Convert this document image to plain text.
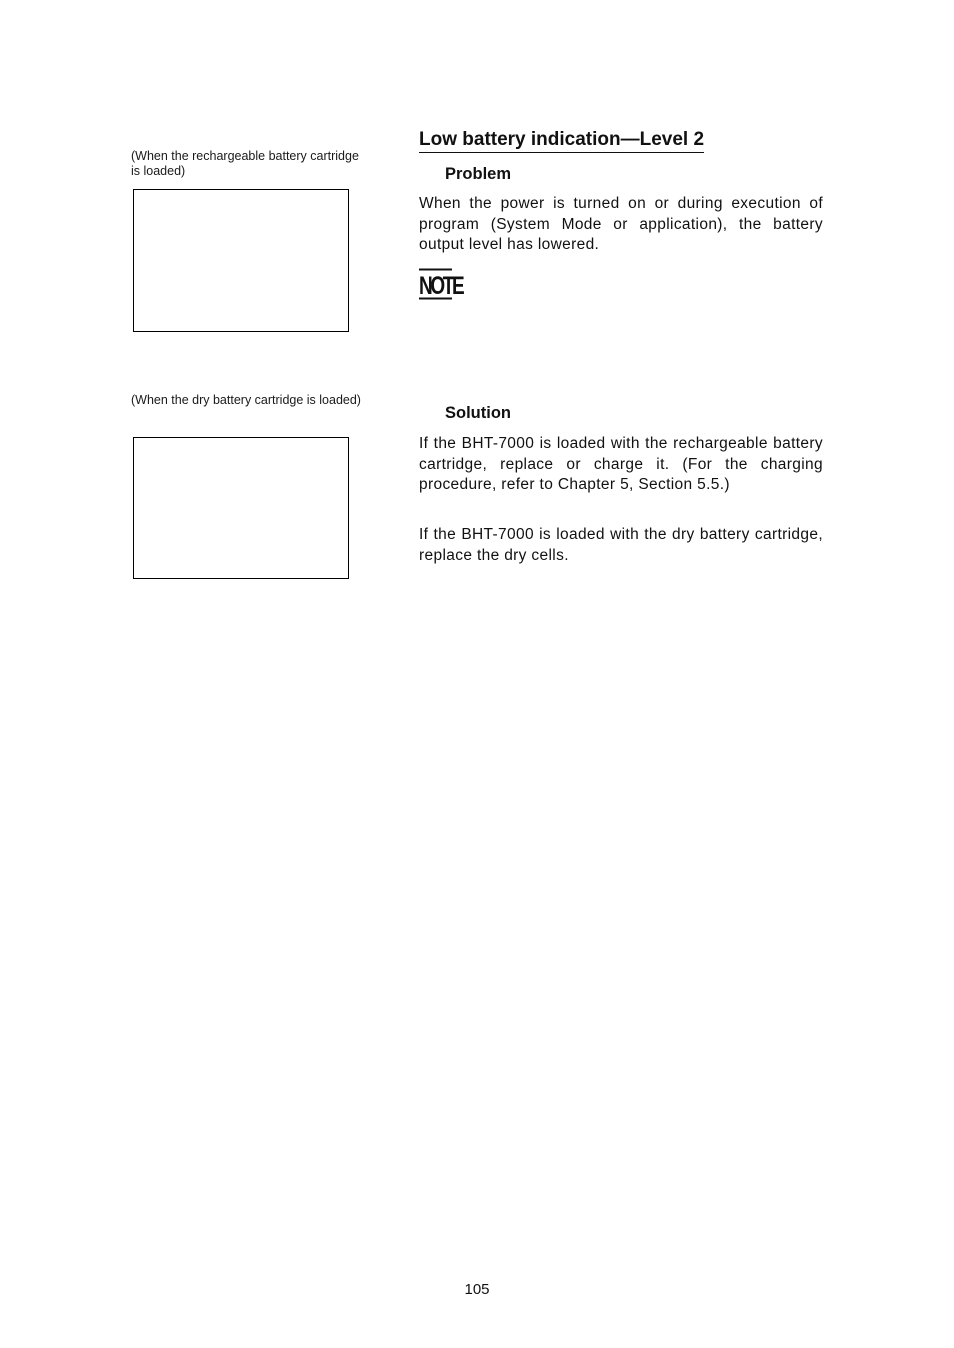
(When the rechargeable battery cartridge is loaded)
(When the dry battery cartridge is loaded)
Low battery indication—Level 2
Problem

When the power is turned on or during execution of program (System Mode or application), the battery output level has lowered.

NOTE
Solution

If the BHT-7000 is loaded with the rechargeable battery cartridge, replace or charge it. (For the charging procedure, refer to Chapter 5, Section 5.5.)

If the BHT-7000 is loaded with the dry battery cartridge, replace the dry cells.

105
